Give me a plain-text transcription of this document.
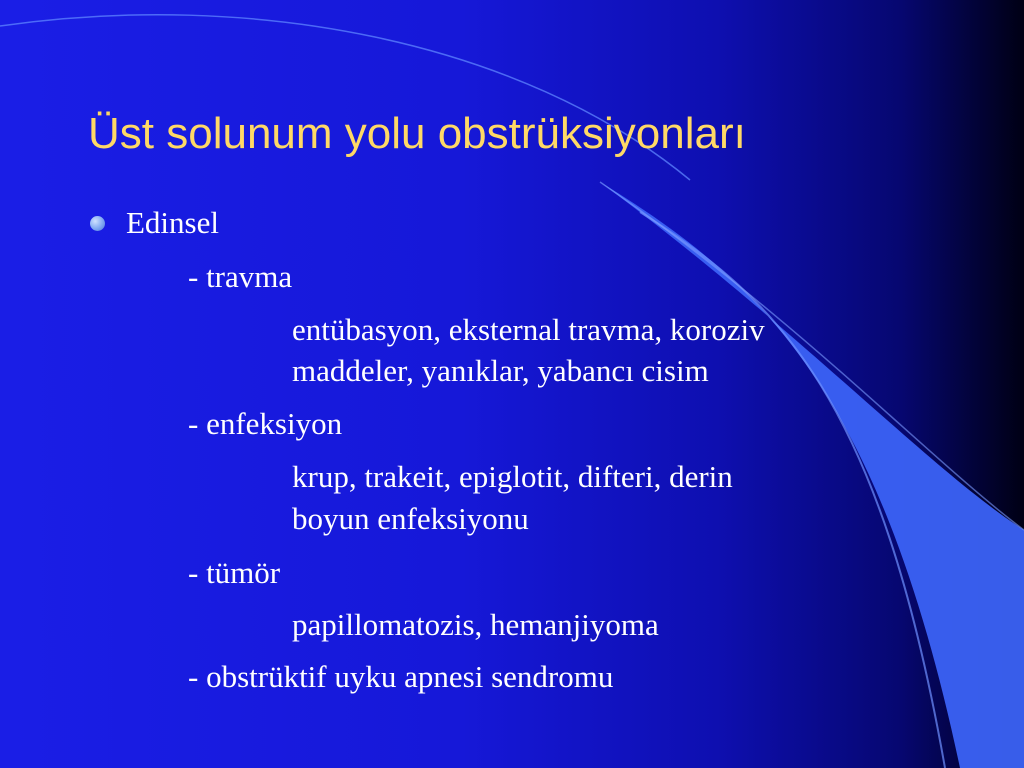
Üst solunum yolu obstrüksiyonları
Edinsel
- travma
entübasyon, eksternal travma, koroziv
maddeler, yanıklar, yabancı cisim
- enfeksiyon
krup, trakeit, epiglotit, difteri, derin
boyun enfeksiyonu
- tümör
papillomatozis, hemanjiyoma
- obstrüktif uyku apnesi sendromu
